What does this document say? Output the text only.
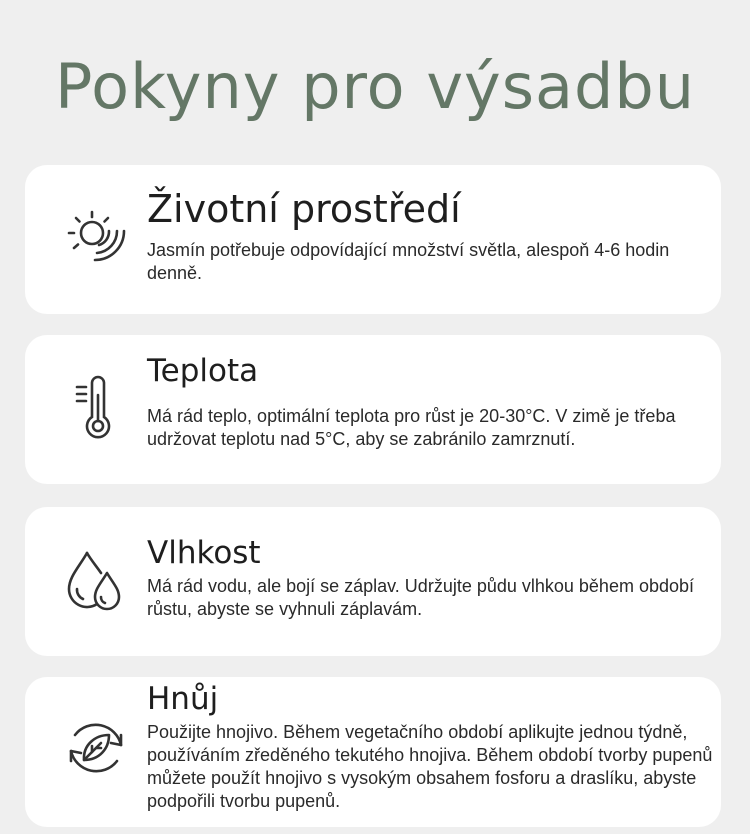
Pokyny pro výsadbu
Životní prostředí

Jasmín potřebuje odpovídající množství světla, alespoň 4-6 hodin denně.

Teplota

Má rád teplo, optimální teplota pro růst je 20-30°C. V zimě je třeba udržovat teplotu nad 5°C, aby se zabránilo zamrznutí.

Vlhkost

Má rád vodu, ale bojí se záplav. Udržujte půdu vlhkou během období růstu, abyste se vyhnuli záplavám.

Hnůj

Použijte hnojivo. Během vegetačního období aplikujte jednou týdně, používáním zředěného tekutého hnojiva. Během období tvorby pupenů můžete použít hnojivo s vysokým obsahem fosforu a draslíku, abyste podpořili tvorbu pupenů.
